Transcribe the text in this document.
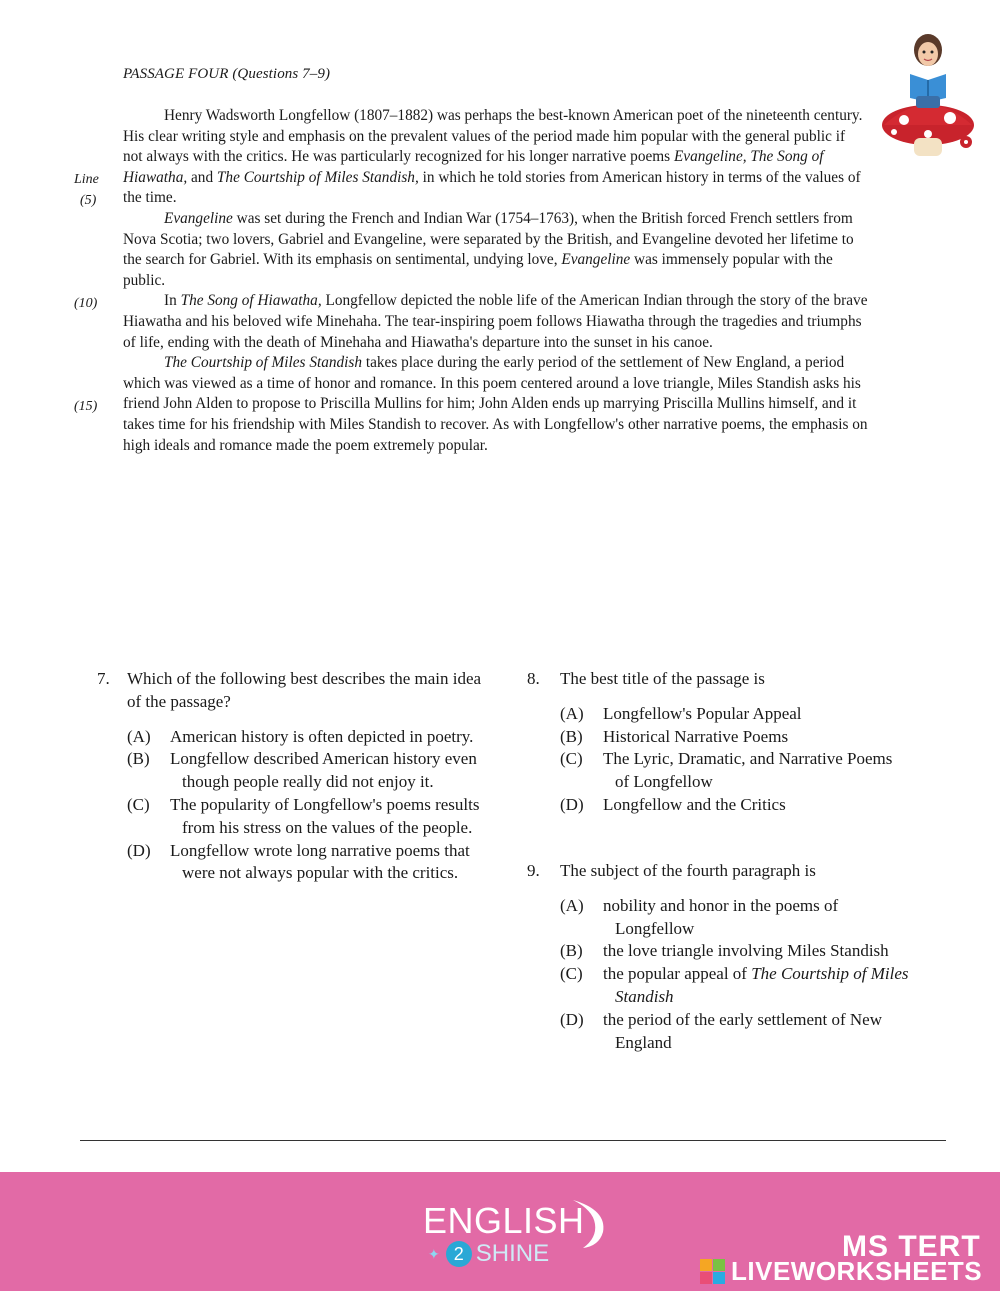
PASSAGE FOUR (Questions 7–9)
Line
(5)
(10)
(15)

Henry Wadsworth Longfellow (1807–1882) was perhaps the best-known American poet of the nineteenth century. His clear writing style and emphasis on the prevalent values of the period made him popular with the general public if not always with the critics. He was particularly recognized for his longer narrative poems Evangeline, The Song of Hiawatha, and The Courtship of Miles Standish, in which he told stories from American history in terms of the values of the time.

Evangeline was set during the French and Indian War (1754–1763), when the British forced French settlers from Nova Scotia; two lovers, Gabriel and Evangeline, were separated by the British, and Evangeline devoted her lifetime to the search for Gabriel. With its emphasis on sentimental, undying love, Evangeline was immensely popular with the public.

In The Song of Hiawatha, Longfellow depicted the noble life of the American Indian through the story of the brave Hiawatha and his beloved wife Minehaha. The tear-inspiring poem follows Hiawatha through the tragedies and triumphs of life, ending with the death of Minehaha and Hiawatha's departure into the sunset in his canoe.

The Courtship of Miles Standish takes place during the early period of the settlement of New England, a period which was viewed as a time of honor and romance. In this poem centered around a love triangle, Miles Standish asks his friend John Alden to propose to Priscilla Mullins for him; John Alden ends up marrying Priscilla Mullins himself, and it takes time for his friendship with Miles Standish to recover. As with Longfellow's other narrative poems, the emphasis on high ideals and romance made the poem extremely popular.

7.	Which of the following best describes the main idea of the passage?
(A)	American history is often depicted in poetry.
(B)	Longfellow described American history even though people really did not enjoy it.
(C)	The popularity of Longfellow's poems results from his stress on the values of the people.
(D)	Longfellow wrote long narrative poems that were not always popular with the critics.
8.	The best title of the passage is
(A)	Longfellow's Popular Appeal
(B)	Historical Narrative Poems
(C)	The Lyric, Dramatic, and Narrative Poems of Longfellow
(D)	Longfellow and the Critics
9.	The subject of the fourth paragraph is
(A)	nobility and honor in the poems of Longfellow
(B)	the love triangle involving Miles Standish
(C)	the popular appeal of The Courtship of Miles Standish
(D)	the period of the early settlement of New England
ENGLISH
✦ 2 SHINE	MS TERT
LIVEWORKSHEETS
